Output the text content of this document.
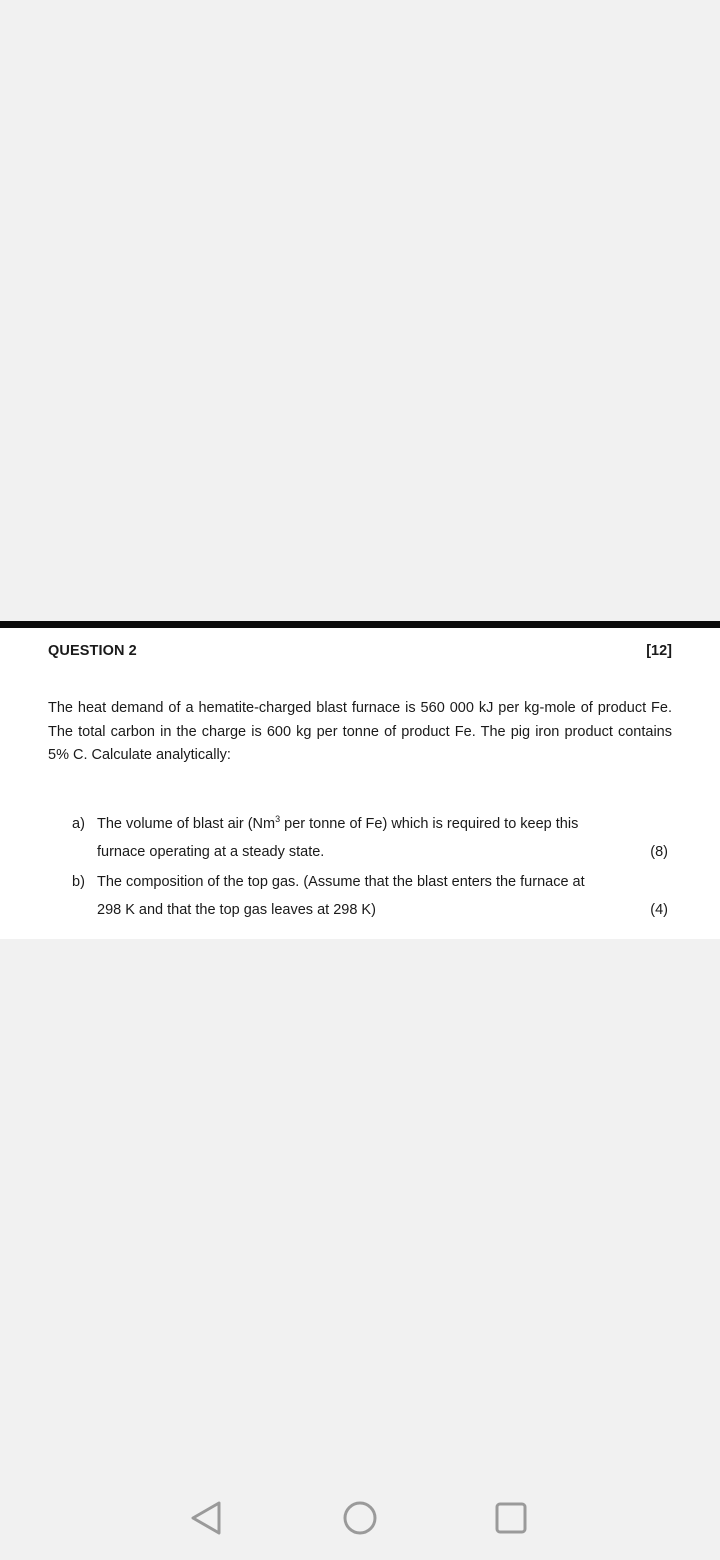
QUESTION 2	[12]

The heat demand of a hematite-charged blast furnace is 560 000 kJ per kg-mole of product Fe. The total carbon in the charge is 600 kg per tonne of product Fe. The pig iron product contains 5% C. Calculate analytically:

a) The volume of blast air (Nm$^3$ per tonne of Fe) which is required to keep this
furnace operating at a steady state.	(8)
b) The composition of the top gas. (Assume that the blast enters the furnace at
298 K and that the top gas leaves at 298 K)	(4)
